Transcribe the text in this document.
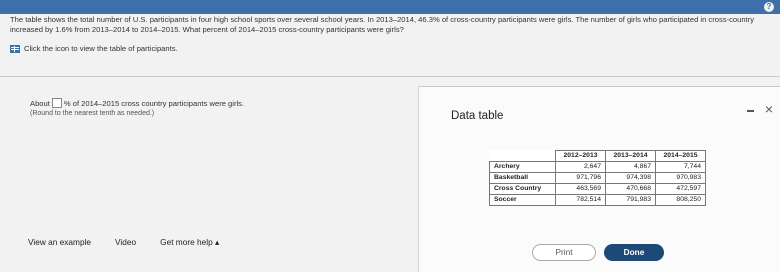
?

The table shows the total number of U.S. participants in four high school sports over several school years. In 2013–2014, 46.3% of cross-country participants were girls. The number of girls who participated in cross-country increased by 1.6% from 2013–2014 to 2014–2015. What percent of 2014–2015 cross-country participants were girls?

Click the icon to view the table of participants.
About % of 2014–2015 cross country participants were girls.
(Round to the nearest tenth as needed.)	Data table	×
	2012–2013	2013–2014	2014–2015
Archery	2,647	4,867	7,744
Basketball	971,796	974,398	970,983
Cross Country	463,569	470,668	472,597
Soccer	782,514	791,983	808,250
View an example	Video	Get more help ▴
Print	Done
